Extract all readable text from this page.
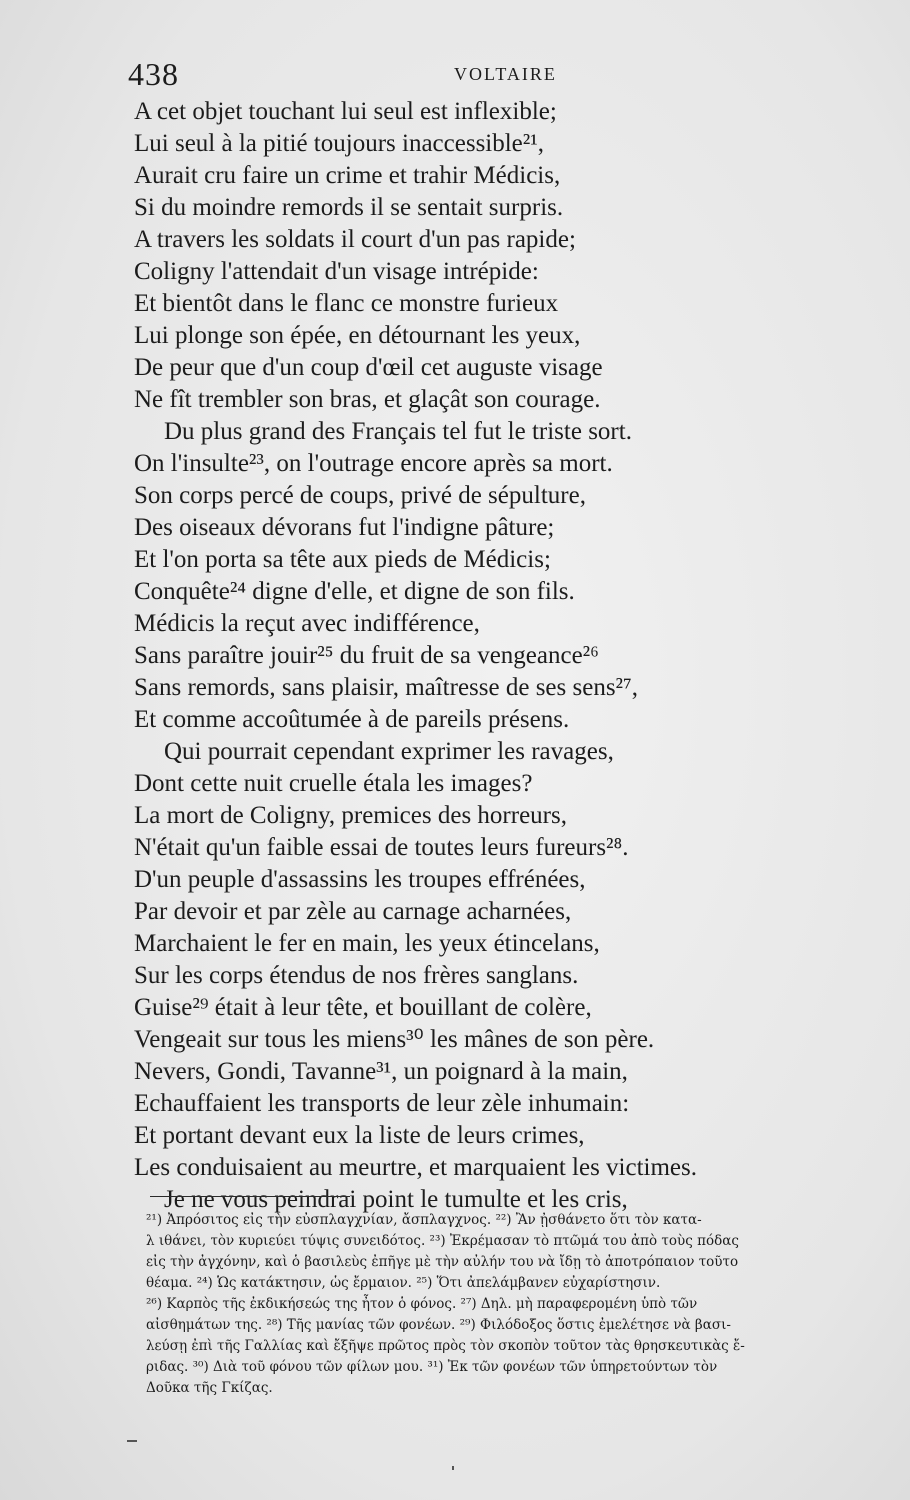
438	VOLTAIRE
A cet objet touchant lui seul est inflexible;
Lui seul à la pitié toujours inaccessible²¹,
Aurait cru faire un crime et trahir Médicis,
Si du moindre remords il se sentait surpris.
A travers les soldats il court d'un pas rapide;
Coligny l'attendait d'un visage intrépide:
Et bientôt dans le flanc ce monstre furieux
Lui plonge son épée, en détournant les yeux,
De peur que d'un coup d'œil cet auguste visage
Ne fît trembler son bras, et glaçât son courage.
Du plus grand des Français tel fut le triste sort.
On l'insulte²³, on l'outrage encore après sa mort.
Son corps percé de coups, privé de sépulture,
Des oiseaux dévorans fut l'indigne pâture;
Et l'on porta sa tête aux pieds de Médicis;
Conquête²⁴ digne d'elle, et digne de son fils.
Médicis la reçut avec indifférence,
Sans paraître jouir²⁵ du fruit de sa vengeance²⁶
Sans remords, sans plaisir, maîtresse de ses sens²⁷,
Et comme accoûtumée à de pareils présens.
Qui pourrait cependant exprimer les ravages,
Dont cette nuit cruelle étala les images?
La mort de Coligny, premices des horreurs,
N'était qu'un faible essai de toutes leurs fureurs²⁸.
D'un peuple d'assassins les troupes effrénées,
Par devoir et par zèle au carnage acharnées,
Marchaient le fer en main, les yeux étincelans,
Sur les corps étendus de nos frères sanglans.
Guise²⁹ était à leur tête, et bouillant de colère,
Vengeait sur tous les miens³⁰ les mânes de son père.
Nevers, Gondi, Tavanne³¹, un poignard à la main,
Echauffaient les transports de leur zèle inhumain:
Et portant devant eux la liste de leurs crimes,
Les conduisaient au meurtre, et marquaient les victimes.
Je ne vous peindrai point le tumulte et les cris,
²¹) Ἀπρόσιτος εἰς τὴν εὐσπλαγχνίαν, ἄσπλαγχνος. ²²) Ἂν ᾐσθάνετο ὅτι τὸν κατα-
λ ιθάνει, τὸν κυριεύει τύψις συνειδότος. ²³) Ἐκρέμασαν τὸ πτῶμά του ἀπὸ τοὺς πόδας
εἰς τὴν ἀγχόνην, καὶ ὁ βασιλεὺς ἐπῆγε μὲ τὴν αὐλήν του νὰ ἴδῃ τὸ ἀποτρόπαιον τοῦτο
θέαμα. ²⁴) Ὡς κατάκτησιν, ὡς ἔρμαιον. ²⁵) Ὅτι ἀπελάμβανεν εὐχαρίστησιν.
²⁶) Καρπὸς τῆς ἐκδικήσεώς της ἦτον ὁ φόνος. ²⁷) Δηλ. μὴ παραφερομένη ὑπὸ τῶν
αἰσθημάτων της. ²⁸) Τῆς μανίας τῶν φονέων. ²⁹) Φιλόδοξος ὅστις ἐμελέτησε νὰ βασι-
λεύσῃ ἐπὶ τῆς Γαλλίας καὶ ἔξῆψε πρῶτος πρὸς τὸν σκοπὸν τοῦτον τὰς θρησκευτικὰς ἔ-
ριδας. ³⁰) Διὰ τοῦ φόνου τῶν φίλων μου. ³¹) Ἐκ τῶν φονέων τῶν ὑπηρετούντων τὸν
Δοῦκα τῆς Γκίζας.
